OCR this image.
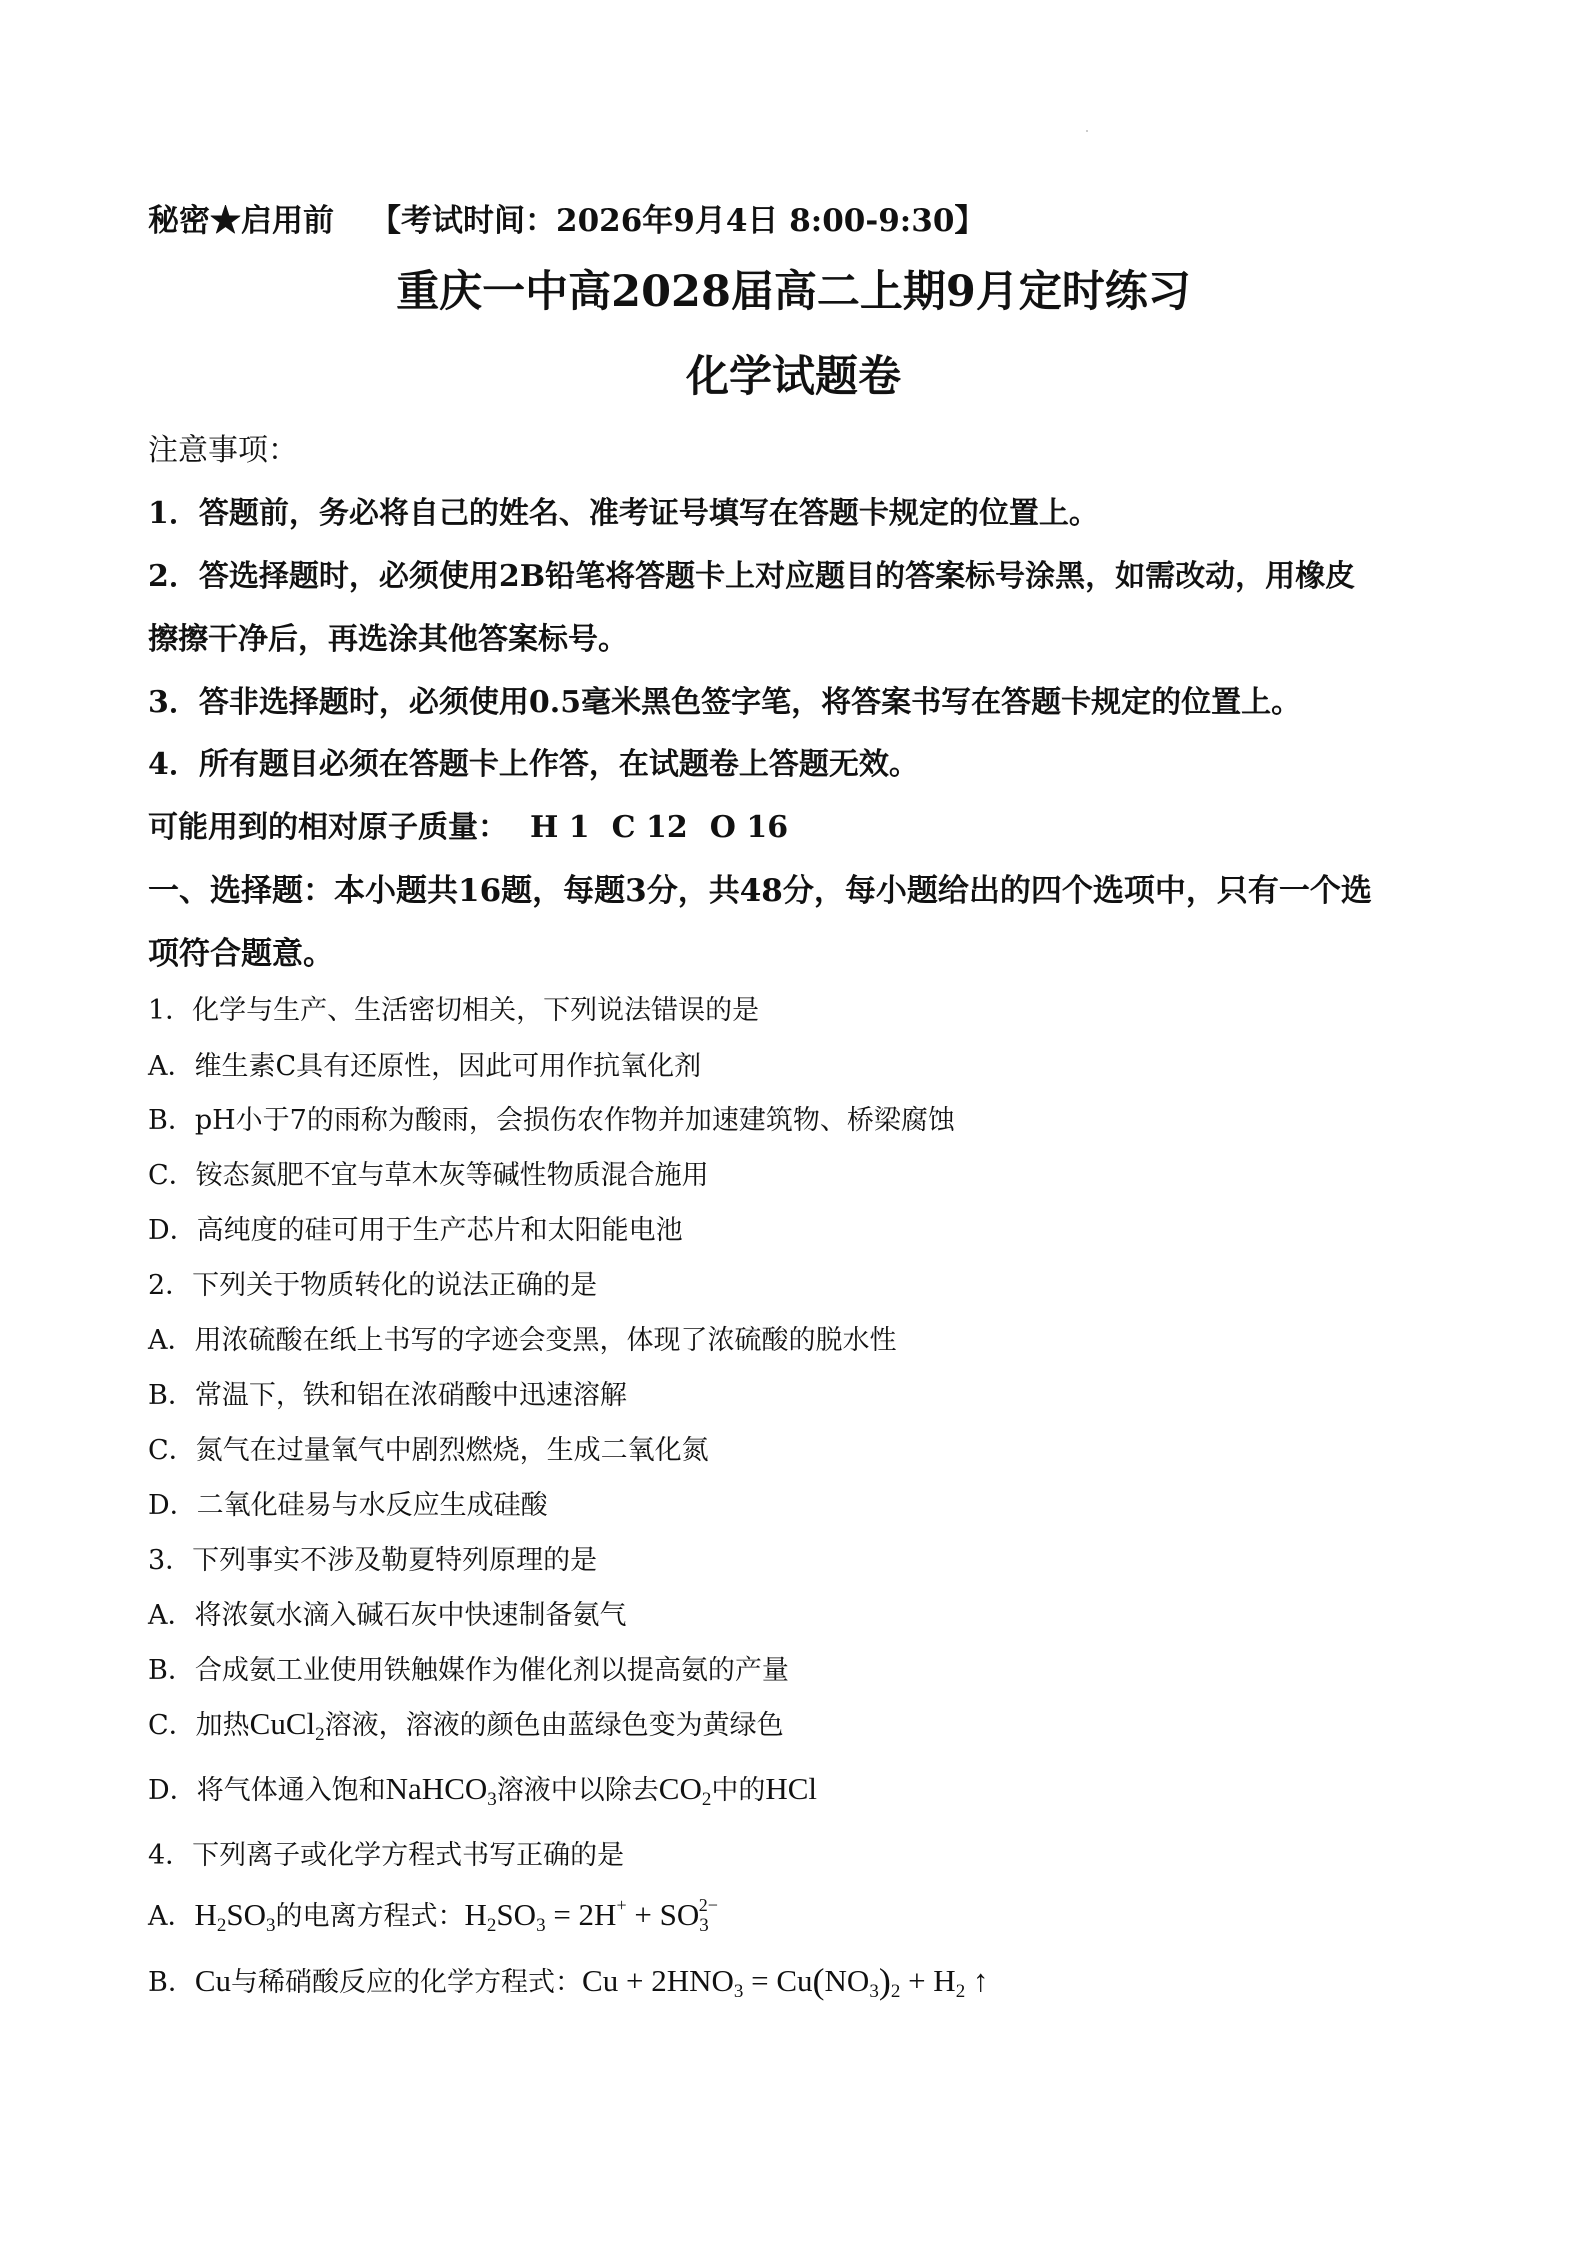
秘密★启用前 【考试时间：2026年9月4日 8:00-9:30】
重庆一中高2028届高二上期9月定时练习
化学试题卷
注意事项：
1．答题前，务必将自己的姓名、准考证号填写在答题卡规定的位置上。
2．答选择题时，必须使用2B铅笔将答题卡上对应题目的答案标号涂黑，如需改动，用橡皮
擦擦干净后，再选涂其他答案标号。
3．答非选择题时，必须使用0.5毫米黑色签字笔，将答案书写在答题卡规定的位置上。
4．所有题目必须在答题卡上作答，在试题卷上答题无效。
可能用到的相对原子质量： H 1 C 12 O 16
一、选择题：本小题共16题，每题3分，共48分，每小题给出的四个选项中，只有一个选
项符合题意。
1．化学与生产、生活密切相关，下列说法错误的是
A．维生素C具有还原性，因此可用作抗氧化剂
B．pH小于7的雨称为酸雨，会损伤农作物并加速建筑物、桥梁腐蚀
C．铵态氮肥不宜与草木灰等碱性物质混合施用
D．高纯度的硅可用于生产芯片和太阳能电池
2．下列关于物质转化的说法正确的是
A．用浓硫酸在纸上书写的字迹会变黑，体现了浓硫酸的脱水性
B．常温下，铁和铝在浓硝酸中迅速溶解
C．氮气在过量氧气中剧烈燃烧，生成二氧化氮
D．二氧化硅易与水反应生成硅酸
3．下列事实不涉及勒夏特列原理的是
A．将浓氨水滴入碱石灰中快速制备氨气
B．合成氨工业使用铁触媒作为催化剂以提高氨的产量
C．加热CuCl$_2$溶液，溶液的颜色由蓝绿色变为黄绿色
D．将气体通入饱和NaHCO$_3$溶液中以除去$CO_2$中的HCl
4．下列离子或化学方程式书写正确的是
A．$H_2SO_3$的电离方程式：$H_2SO_3 = 2H^+ + SO_3^{2-}$
B．Cu与稀硝酸反应的化学方程式：$Cu + 2HNO_3 = Cu(NO_3)_2 + H_2$ ↑
